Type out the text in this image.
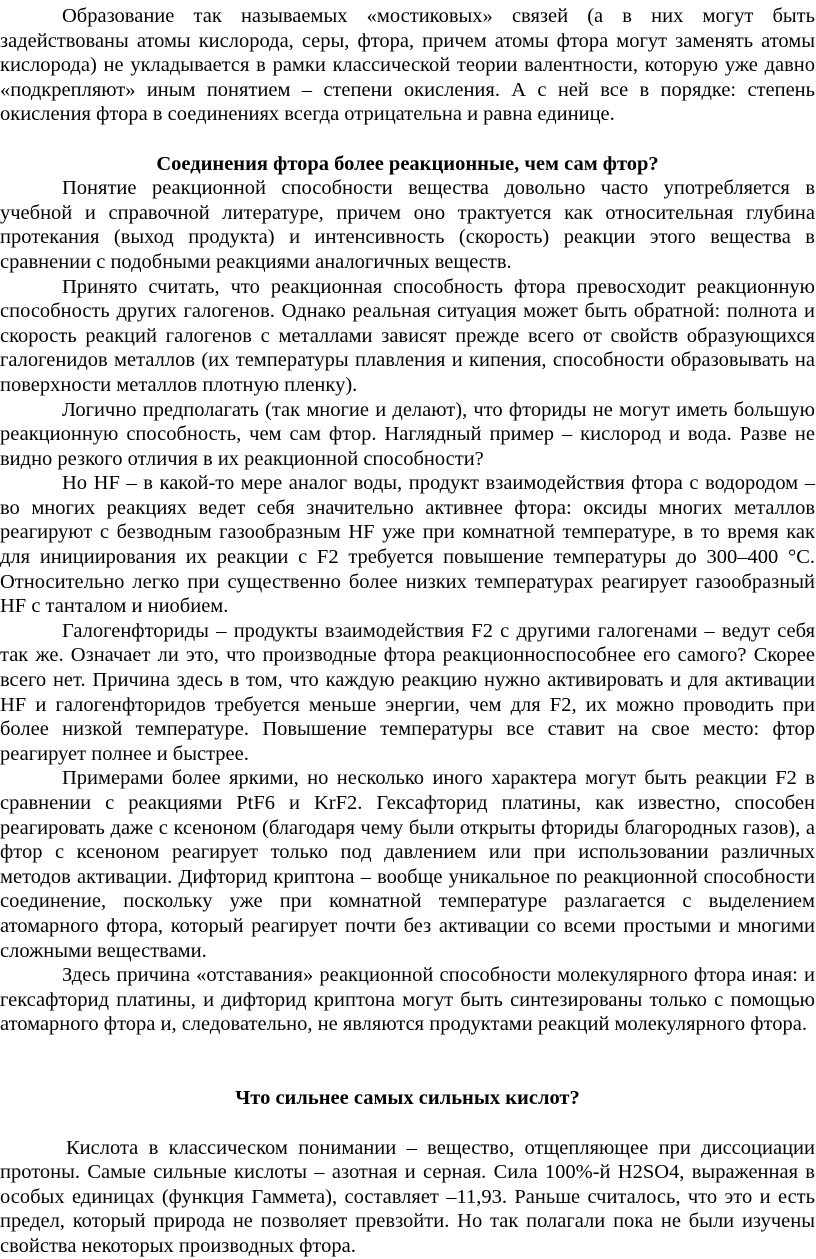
Образование так называемых «мостиковых» связей (а в них могут быть задействованы атомы кислорода, серы, фтора, причем атомы фтора могут заменять атомы кислорода) не укладывается в рамки классической теории валентности, которую уже давно «подкрепляют» иным понятием – степени окисления. А с ней все в порядке: степень окисления фтора в соединениях всегда отрицательна и равна единице.

Соединения фтора более реакционные, чем сам фтор?

Понятие реакционной способности вещества довольно часто употребляется в учебной и справочной литературе, причем оно трактуется как относительная глубина протекания (выход продукта) и интенсивность (скорость) реакции этого вещества в сравнении с подобными реакциями аналогичных веществ.

Принято считать, что реакционная способность фтора превосходит реакционную способность других галогенов. Однако реальная ситуация может быть обратной: полнота и скорость реакций галогенов с металлами зависят прежде всего от свойств образующихся галогенидов металлов (их температуры плавления и кипения, способности образовывать на поверхности металлов плотную пленку).

Логично предполагать (так многие и делают), что фториды не могут иметь большую реакционную способность, чем сам фтор. Наглядный пример – кислород и вода. Разве не видно резкого отличия в их реакционной способности?

Но HF – в какой-то мере аналог воды, продукт взаимодействия фтора с водородом – во многих реакциях ведет себя значительно активнее фтора: оксиды многих металлов реагируют с безводным газообразным HF уже при комнатной температуре, в то время как для инициирования их реакции с F2 требуется повышение температуры до 300–400 °С. Относительно легко при существенно более низких температурах реагирует газообразный HF с танталом и ниобием.

Галогенфториды – продукты взаимодействия F2 с другими галогенами – ведут себя так же. Означает ли это, что производные фтора реакционноспособнее его самого? Скорее всего нет. Причина здесь в том, что каждую реакцию нужно активировать и для активации HF и галогенфторидов требуется меньше энергии, чем для F2, их можно проводить при более низкой температуре. Повышение температуры все ставит на свое место: фтор реагирует полнее и быстрее.

Примерами более яркими, но несколько иного характера могут быть реакции F2 в сравнении с реакциями PtF6 и KrF2. Гексафторид платины, как известно, способен реагировать даже с ксеноном (благодаря чему были открыты фториды благородных газов), а фтор с ксеноном реагирует только под давлением или при использовании различных методов активации. Дифторид криптона – вообще уникальное по реакционной способности соединение, поскольку уже при комнатной температуре разлагается с выделением атомарного фтора, который реагирует почти без активации со всеми простыми и многими сложными веществами.

Здесь причина «отставания» реакционной способности молекулярного фтора иная: и гексафторид платины, и дифторид криптона могут быть синтезированы только с помощью атомарного фтора и, следовательно, не являются продуктами реакций молекулярного фтора.

Что сильнее самых сильных кислот?

Кислота в классическом понимании – вещество, отщепляющее при диссоциации протоны. Самые сильные кислоты – азотная и серная. Сила 100%-й H2SO4, выраженная в особых единицах (функция Гаммета), составляет –11,93. Раньше считалось, что это и есть предел, который природа не позволяет превзойти. Но так полагали пока не были изучены свойства некоторых производных фтора.
